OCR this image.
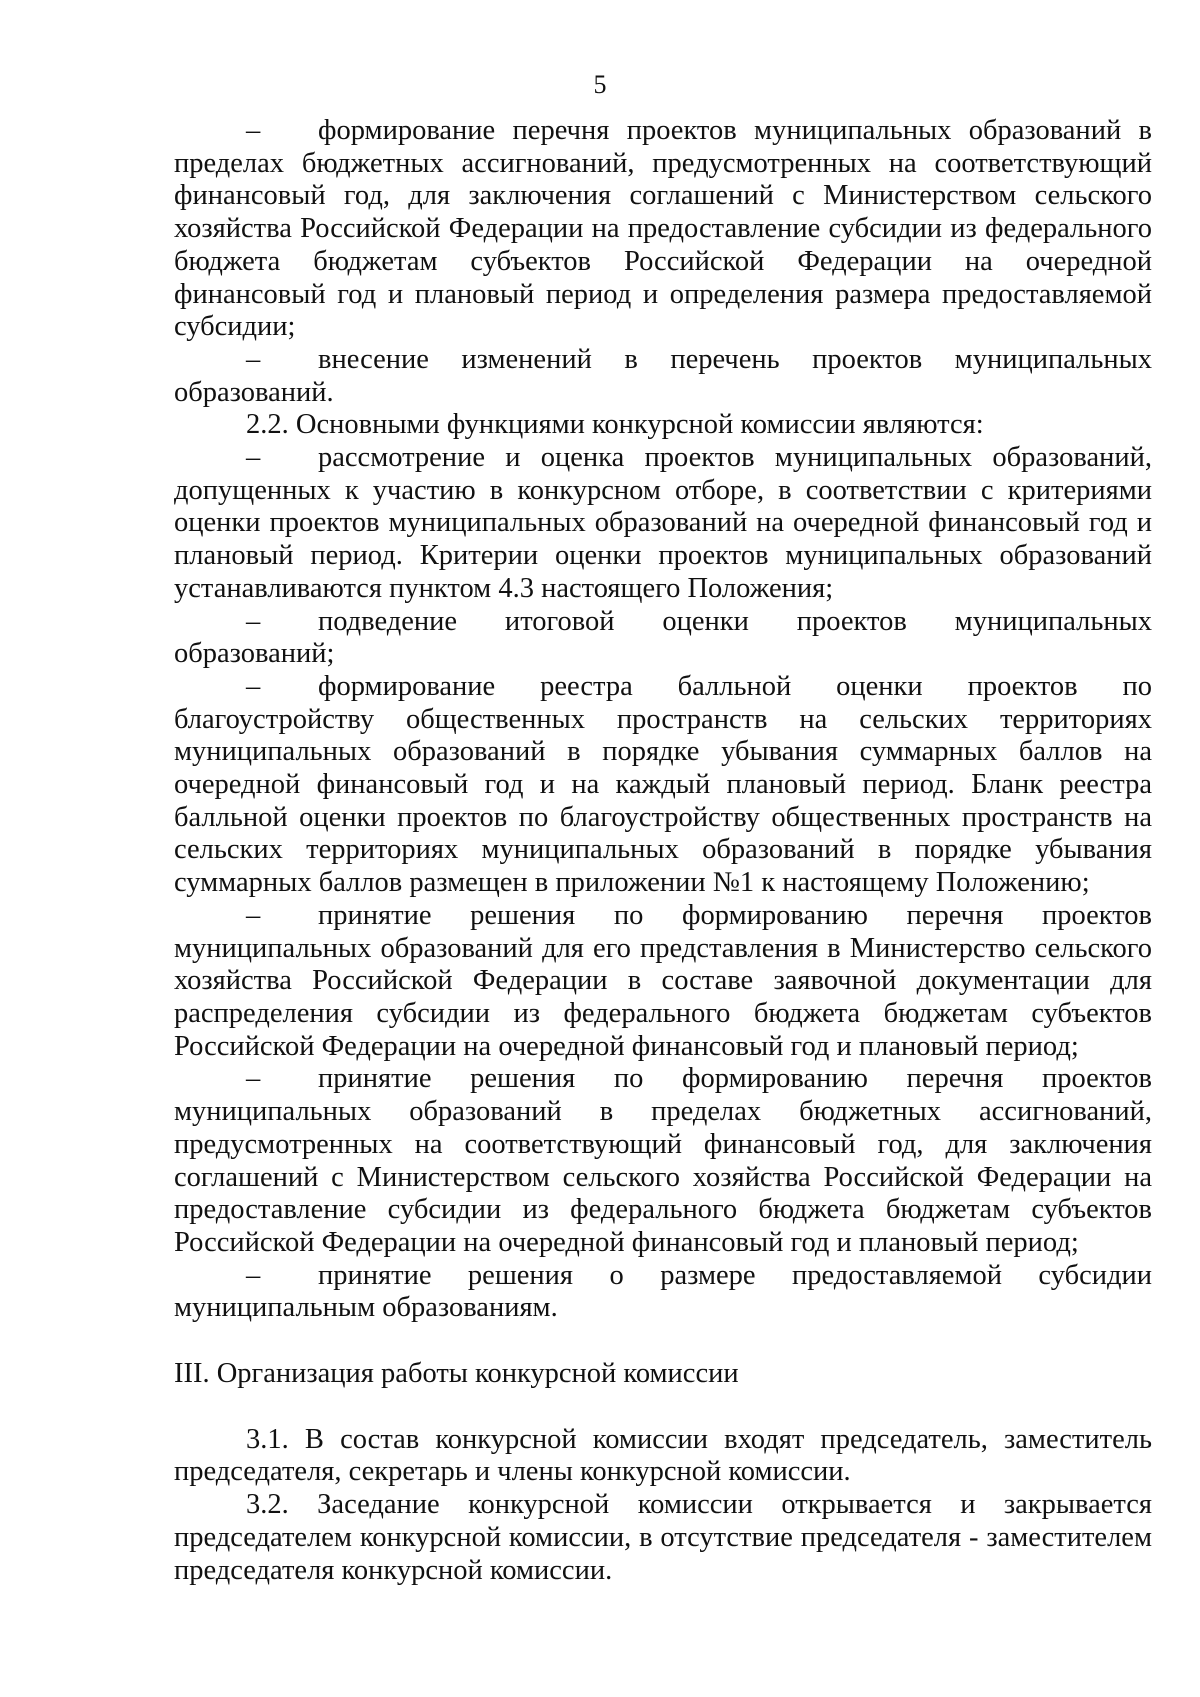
5

– формирование перечня проектов муниципальных образований в пределах бюджетных ассигнований, предусмотренных на соответствующий финансовый год, для заключения соглашений с Министерством сельского хозяйства Российской Федерации на предоставление субсидии из федерального бюджета бюджетам субъектов Российской Федерации на очередной финансовый год и плановый период и определения размера предоставляемой субсидии;

– внесение изменений в перечень проектов муниципальных образований.

2.2. Основными функциями конкурсной комиссии являются:

– рассмотрение и оценка проектов муниципальных образований, допущенных к участию в конкурсном отборе, в соответствии с критериями оценки проектов муниципальных образований на очередной финансовый год и плановый период. Критерии оценки проектов муниципальных образований устанавливаются пунктом 4.3 настоящего Положения;

– подведение итоговой оценки проектов муниципальных образований;

– формирование реестра балльной оценки проектов по благоустройству общественных пространств на сельских территориях муниципальных образований в порядке убывания суммарных баллов на очередной финансовый год и на каждый плановый период. Бланк реестра балльной оценки проектов по благоустройству общественных пространств на сельских территориях муниципальных образований в порядке убывания суммарных баллов размещен в приложении №1 к настоящему Положению;

– принятие решения по формированию перечня проектов муниципальных образований для его представления в Министерство сельского хозяйства Российской Федерации в составе заявочной документации для распределения субсидии из федерального бюджета бюджетам субъектов Российской Федерации на очередной финансовый год и плановый период;

– принятие решения по формированию перечня проектов муниципальных образований в пределах бюджетных ассигнований, предусмотренных на соответствующий финансовый год, для заключения соглашений с Министерством сельского хозяйства Российской Федерации на предоставление субсидии из федерального бюджета бюджетам субъектов Российской Федерации на очередной финансовый год и плановый период;

– принятие решения о размере предоставляемой субсидии муниципальным образованиям.

III. Организация работы конкурсной комиссии

3.1. В состав конкурсной комиссии входят председатель, заместитель председателя, секретарь и члены конкурсной комиссии.

3.2. Заседание конкурсной комиссии открывается и закрывается председателем конкурсной комиссии, в отсутствие председателя - заместителем председателя конкурсной комиссии.
